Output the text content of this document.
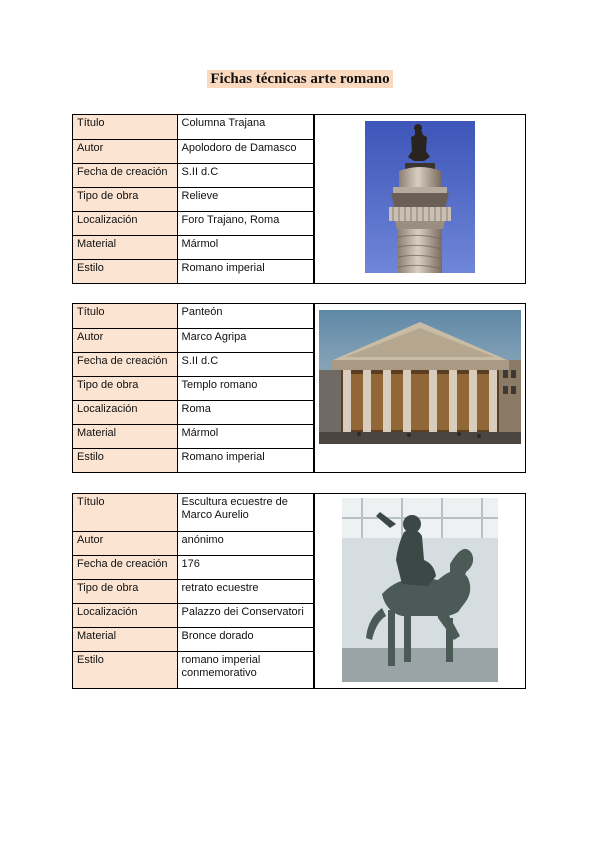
Fichas técnicas arte romano
Título	Columna Trajana
Autor	Apolodoro de Damasco
Fecha de creación	S.II d.C
Tipo de obra	Relieve
Localización	Foro Trajano, Roma
Material	Mármol
Estilo	Romano imperial
Título	Panteón
Autor	Marco Agripa
Fecha de creación	S.II d.C
Tipo de obra	Templo romano
Localización	Roma
Material	Mármol
Estilo	Romano imperial
Título	Escultura ecuestre de Marco Aurelio
Autor	anónimo
Fecha de creación	176
Tipo de obra	retrato ecuestre
Localización	Palazzo dei Conservatori
Material	Bronce dorado
Estilo	romano imperial conmemorativo
